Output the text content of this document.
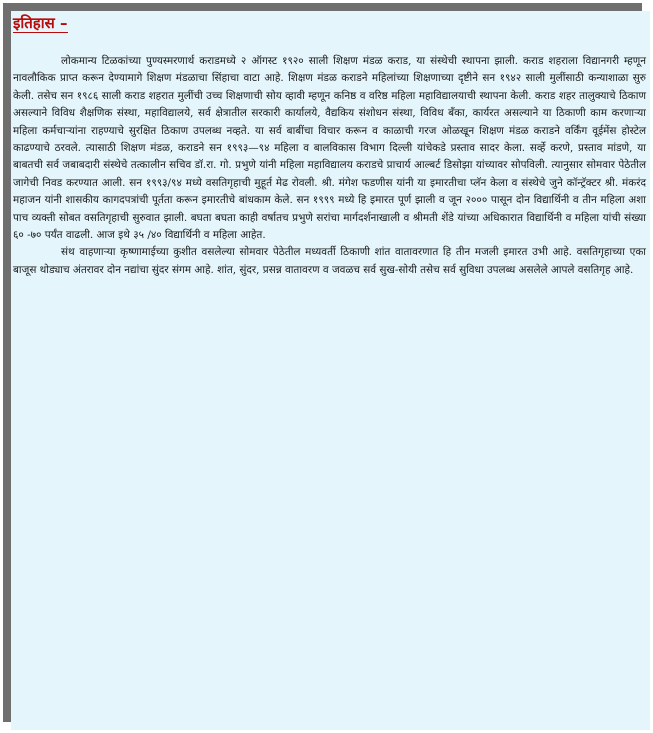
इतिहास –

लोकमान्य टिळकांच्या पुण्यस्मरणार्थ कराडमध्ये २ ऑगस्ट १९२० साली शिक्षण मंडळ कराड, या संस्थेची स्थापना झाली. कराड शहराला विद्यानगरी म्हणून नावलौकिक प्राप्त करून देण्यामागे शिक्षण मंडळाचा सिंहाचा वाटा आहे. शिक्षण मंडळ कराडने महिलांच्या शिक्षणाच्या दृष्टीने सन १९४२ साली मुलींसाठी कन्याशाळा सुरु केली. तसेच सन १९८६ साली कराड शहरात मुलींची उच्च शिक्षणाची सोय व्हावी म्हणून कनिष्ठ व वरिष्ठ महिला महाविद्यालयाची स्थापना केली. कराड शहर तालुक्याचे ठिकाण असल्याने विविध शैक्षणिक संस्था, महाविद्यालये, सर्व क्षेत्रातील सरकारी कार्यालये, वैद्यकिय संशोधन संस्था, विविध बँका, कार्यरत असल्याने या ठिकाणी काम करणाऱ्या महिला कर्मचाऱ्यांना राहण्याचे सुरक्षित ठिकाण उपलब्ध नव्हते. या सर्व बाबींचा विचार करून व काळाची गरज ओळखून शिक्षण मंडळ कराडने वर्किंग वूईमेंस होस्टेल काढण्याचे ठरवले. त्यासाठी शिक्षण मंडळ, कराडने सन १९९३—९४ महिला व बालविकास विभाग दिल्ली यांचेकडे प्रस्ताव सादर केला. सर्व्हे करणे, प्रस्ताव मांडणे, या बाबतची सर्व जबाबदारी संस्थेचे तत्कालीन सचिव डॉ.रा. गो. प्रभुणे यांनी महिला महाविद्यालय कराडचे प्राचार्य आल्बर्ट डिसोझा यांच्यावर सोपविली. त्यानुसार सोमवार पेठेतील जागेची निवड करण्यात आली. सन १९९३/९४ मध्ये वसतिगृहाची मुहूर्त मेढ रोवली. श्री. मंगेश फडणीस यांनी या इमारतीचा प्लॅन केला व संस्थेचे जुने कॉन्ट्रॅक्टर श्री. मंकरंद महाजन यांनी शासकीय कागदपत्रांची पूर्तता करून इमारतीचे बांधकाम केले. सन १९९९ मध्ये हि इमारत पूर्ण झाली व जून २००० पासून दोन विद्यार्थिनी व तीन महिला अशा पाच व्यक्ती सोबत वसतिगृहाची सुरुवात झाली. बघता बघता काही वर्षातच प्रभुणे सरांचा मार्गदर्शनाखाली व श्रीमती शेंडे यांच्या अधिकारात विद्यार्थिनी व महिला यांची संख्या ६० -७० पर्यंत वाढली. आज इथे ३५ /४० विद्यार्थिनी व महिला आहेत.

संथ वाहणाऱ्या कृष्णामाईच्या कुशीत वसलेल्या सोमवार पेठेतील मध्यवर्ती ठिकाणी शांत वातावरणात हि तीन मजली इमारत उभी आहे. वसतिगृहाच्या एका बाजूस थोड्याच अंतरावर दोन नद्यांचा सुंदर संगम आहे. शांत, सुंदर, प्रसन्न वातावरण व जवळच सर्व सुख-सोयी तसेच सर्व सुविधा उपलब्ध असलेले आपले वसतिगृह आहे.
